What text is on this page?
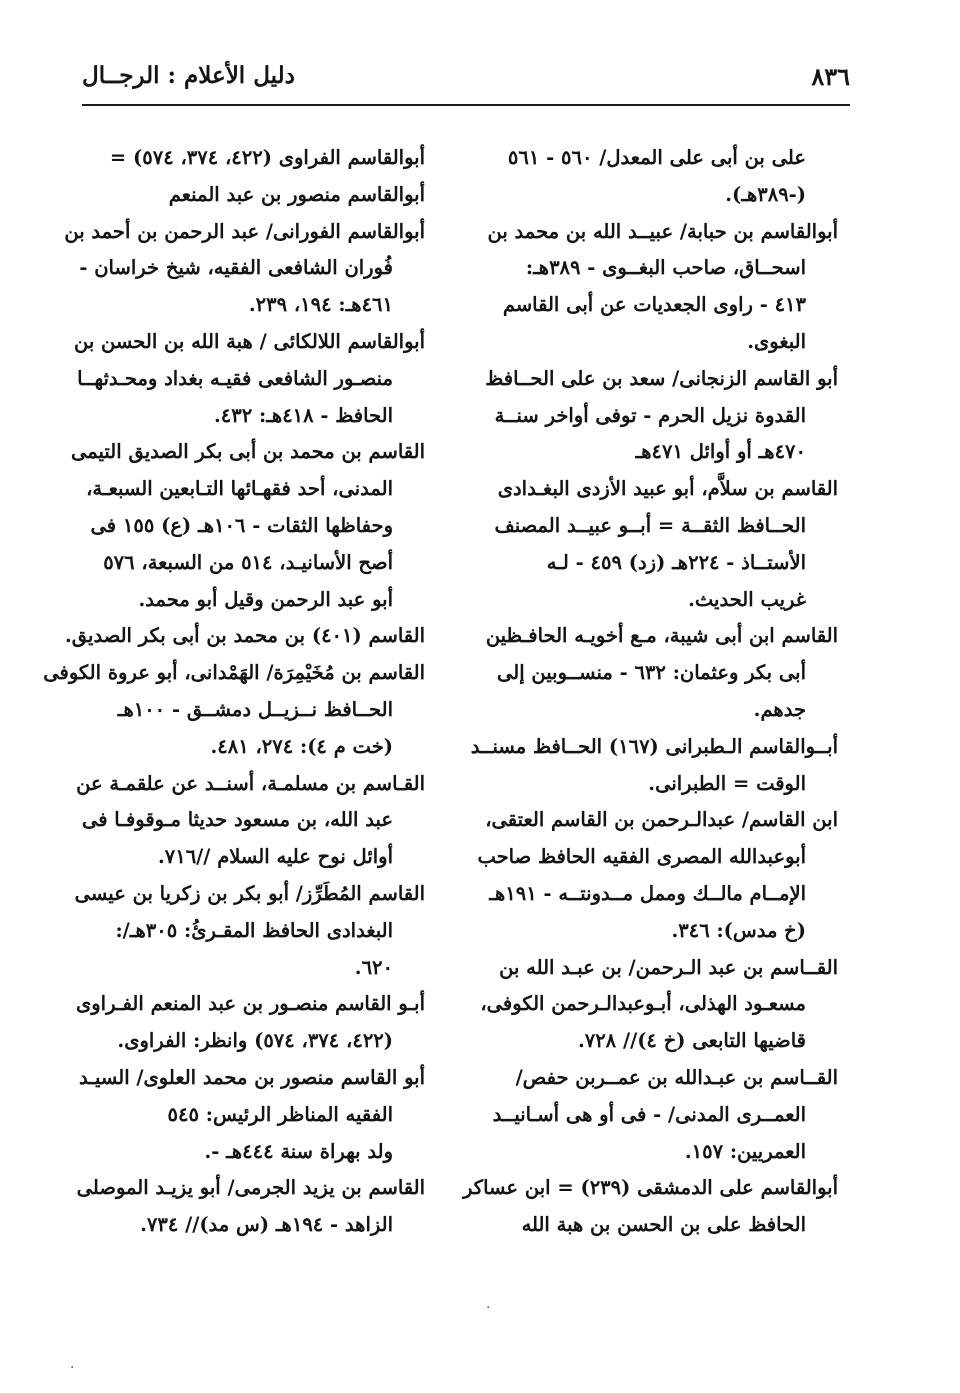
٨٣٦
دليل الأعلام : الرجــال
على بن أبى على المعدل/ ٥٦٠ - ٥٦١
(-٣٨٩هـ).
أبوالقاسم بن حبابة/ عبيــد الله بن محمد بن
اسحــاق، صاحب البغــوى - ٣٨٩هـ:
٤١٣ - راوى الجعديات عن أبى القاسم
البغوى.
أبو القاسم الزنجانى/ سعد بن على الحــافظ
القدوة نزيل الحرم - توفى أواخر سنــة
٤٧٠هـ أو أوائل ٤٧١هـ
القاسم بن سلاَّم، أبو عبيد الأزدى البغـدادى
الحــافظ الثقــة = أبــو عبيــد المصنف
الأستــاذ - ٢٢٤هـ (زد) ٤٥٩ - لـه
غريب الحديث.
القاسم ابن أبى شيبة، مـع أخويـه الحافـظين
أبى بكر وعثمان: ٦٣٢ - منســوبين إلى
جدهم.
أبــوالقاسم الـطبرانى (١٦٧) الحــافظ مسنــد
الوقت = الطبرانى.
ابن القاسم/ عبدالـرحمن بن القاسم العتقى،
أبوعبدالله المصرى الفقيه الحافظ صاحب
الإمــام مالــك وممل مــدونتــه - ١٩١هـ
(خ مدس): ٣٤٦.
القــاسم بن عبد الـرحمن/ بن عبـد الله بن
مسعـود الهذلى، أبـوعبدالـرحمن الكوفى،
قاضيها التابعى (خ ٤)// ٧٢٨.
القــاسم بن عبـدالله بن عمــربن حفص/
العمــرى المدنى/ - فى أو هى أسـانيــد
العمريين: ١٥٧.
أبوالقاسم على الدمشقى (٢٣٩) = ابن عساكر
الحافظ على بن الحسن بن هبة الله
أبوالقاسم الفراوى (٤٢٢، ٣٧٤، ٥٧٤) =
أبوالقاسم منصور بن عبد المنعم
أبوالقاسم الفورانى/ عبد الرحمن بن أحمد بن
فُوران الشافعى الفقيه، شيخ خراسان -
٤٦١هـ: ١٩٤، ٢٣٩.
أبوالقاسم اللالكائى / هبة الله بن الحسن بن
منصـور الشافعى فقيـه بغداد ومحـدثهــا
الحافظ - ٤١٨هـ: ٤٣٢.
القاسم بن محمد بن أبى بكر الصديق التيمى
المدنى، أحد فقهـائها التـابعين السبعـة،
وحفاظها الثقات - ١٠٦هـ (ع) ١٥٥ فى
أصح الأسانيـد، ٥١٤ من السبعة، ٥٧٦
أبو عبد الرحمن وقيل أبو محمد.
القاسم (٤٠١) بن محمد بن أبى بكر الصديق.
القاسم بن مُخَيْمِرَة/ الهَمْدانى، أبو عروة الكوفى
الحــافظ نــزيــل دمشــق - ١٠٠هـ
(خت م ٤): ٢٧٤، ٤٨١.
القـاسم بن مسلمـة، أسنــد عن علقمـة عن
عبد الله، بن مسعود حديثا مـوقوفـا فى
أوائل نوح عليه السلام //٧١٦.
القاسم المُطَرِّز/ أبو بكر بن زكريا بن عيسى
البغدادى الحافظ المقـرئُ: ٣٠٥هـ/:
٦٢٠.
أبـو القاسم منصـور بن عبد المنعم الفـراوى
(٤٢٢، ٣٧٤، ٥٧٤) وانظر: الفراوى.
أبو القاسم منصور بن محمد العلوى/ السيـد
الفقيه المناظر الرئيس: ٥٤٥
ولد بهراة سنة ٤٤٤هـ -.
القاسم بن يزيد الجرمى/ أبو يزيـد الموصلى
الزاهد - ١٩٤هـ (س مد)// ٧٣٤.
·
·
